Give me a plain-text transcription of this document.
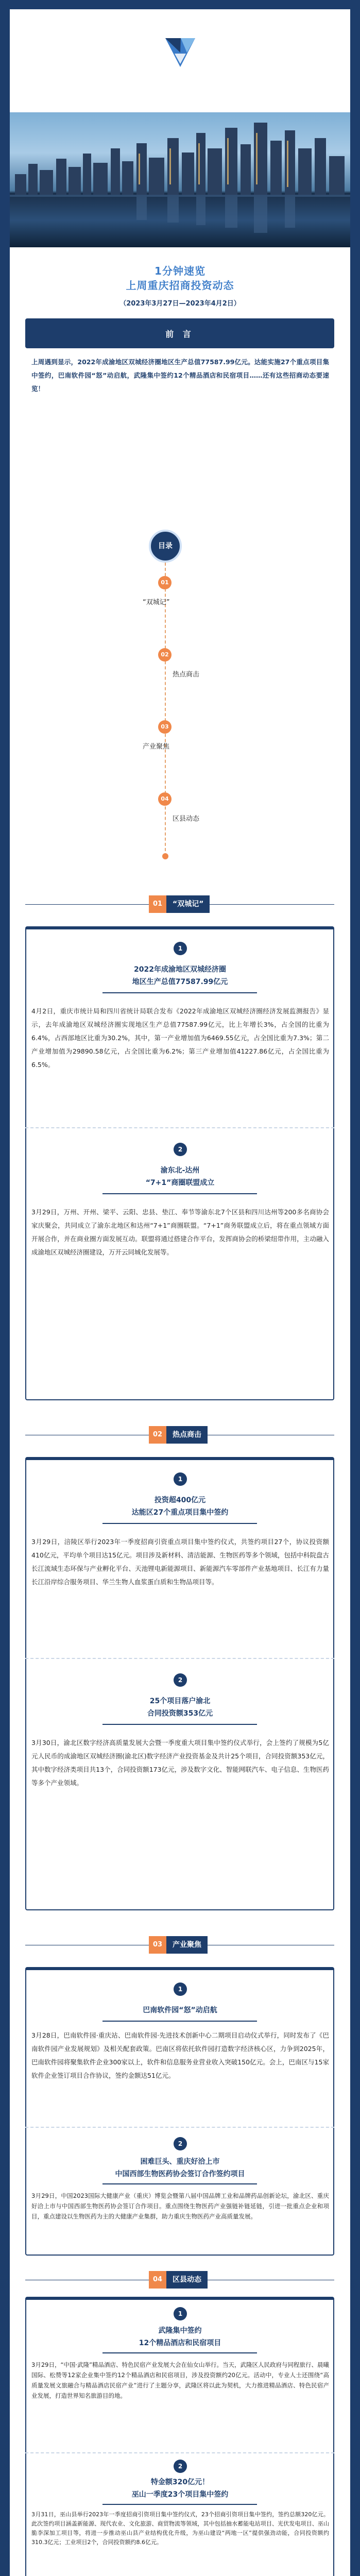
1分钟速览
上周重庆招商投资动态
（2023年3月27日—2023年4月2日）
前 言
上周遇到显示，2022年成渝地区双城经济圈地区生产总值77587.99亿元。达能实施27个重点项目集中签约，巴南软件园“怒”动启航，武隆集中签约12个精品酒店和民宿项目……还有这些招商动态要速览！
目录
01
“双城记”
02
热点商击
03
产业聚焦
04
区县动态
01	“双城记”
1
2022年成渝地区双城经济圈
地区生产总值77587.99亿元
4月2日，重庆市统计局和四川省统计局联合发布《2022年成渝地区双城经济圈经济发展监测报告》显示，去年成渝地区双城经济圈实现地区生产总值77587.99亿元，比上年增长3%，占全国的比重为6.4%，占西部地区比重为30.2%，其中，第一产业增加值为6469.55亿元，占全国比重为7.3%；第二产业增加值为29890.58亿元，占全国比重为6.2%；第三产业增加值41227.86亿元，占全国比重为6.5%。
2
渝东北-达州
“7+1”商圈联盟成立
3月29日，万州、开州、梁平、云阳、忠县、垫江、奉节等渝东北7个区县和四川达州等200多名商协会家庆聚会，共同成立了渝东北地区和达州“7+1”商圈联盟。“7+1”商务联盟成立后，将在重点领域方面开展合作，并在商业圈方面发展互动。联盟将通过搭建合作平台，发挥商协会的桥梁纽带作用，主动融入成渝地区双城经济圈建设，万开云同城化发展等。
02	热点商击
1
投资超400亿元
达能区27个重点项目集中签约
3月29日，涪陵区举行2023年一季度招商引资重点项目集中签约仪式，共签约项目27个，协议投资额410亿元，平均单个项目达15亿元。项目涉及新材料、清洁能源、生物医药等多个领域，包括中科院盘古长江流域生态环保与产业孵化平台、天池锂电新能源项目、新能源汽车零部件产业基地项目、长江有力量长江沿岸综合服务项目、华兰生物人血浆蛋白质和生物品项目等。
2
25个项目落户渝北
合同投资额353亿元
3月30日，渝北区数字经济高质量发展大会暨一季度重大项目集中签约仪式举行，会上签约了规模为5亿元人民币的成渝地区双城经济圈(渝北区)数字经济产业投资基金及共计25个项目，合同投资额353亿元，其中数字经济类项目共13个，合同投资额173亿元，涉及数字文化、智能网联汽车、电子信息、生物医药等多个产业领域。
03	产业聚焦
1
巴南软件园“怒”动启航
3月28日，巴南软件园·重庆站、巴南软件园·先进技术创新中心二期项目启动仪式举行，同时发布了《巴南软件园产业发展规划》及相关配套政策。巴南区将依托软件园打造数字经济核心区，力争到2025年，巴南软件园将聚集软件企业300家以上，软件和信息服务业营业收入突破150亿元。会上，巴南区与15家软件企业签订项目合作协议，签约金额达51亿元。
2
困难巨头、重庆好洽上市
中国西部生物医药协会签订合作签约项目
3月29日，中国2023国际大健康产业（重庆）博览会暨第八届中国品牌工业和品牌药品创新论坛，渝北区、重庆好洽上市与中国西部生物医药协会签订合作项目。重点围绕生物医药产业强链补链延链，引进一批重点企业和项目，重点建设以生物医药为主的大健康产业集群，助力重庆生物医药产业高质量发展。
04	区县动态
1
武隆集中签约
12个精品酒店和民宿项目
3月29日，“中国·武隆”精品酒店、特色民宿产业发展大会在仙女山举行。当天，武隆区人民政府与同程旅行、晨曦国际、松赞等12家企业集中签约12个精品酒店和民宿项目，涉及投资额约20亿元。活动中，专业人士还围绕“高质量发展文旅融合与精品酒店民宿产业”进行了主题分享，武隆区将以此为契机，大力推进精品酒店、特色民宿产业发展，打造世界知名旅游目的地。
2
特金额320亿元！
巫山一季度23个项目集中签约
3月31日，巫山县举行2023年一季度招商引资项目集中签约仪式，23个招商引资项目集中签约，签约总额320亿元。此次签约项目涵盖新能源、现代农业、文化旅游、商贸物流等领域，其中包括抽水蓄能电站项目、光伏发电项目、巫山脆李深加工项目等，将进一步推动巫山县产业结构优化升级，为巫山建设“两地一区”提供强劲动能，合同投资额约310.3亿元；工业项目2个，合同投资额约8.6亿元。
